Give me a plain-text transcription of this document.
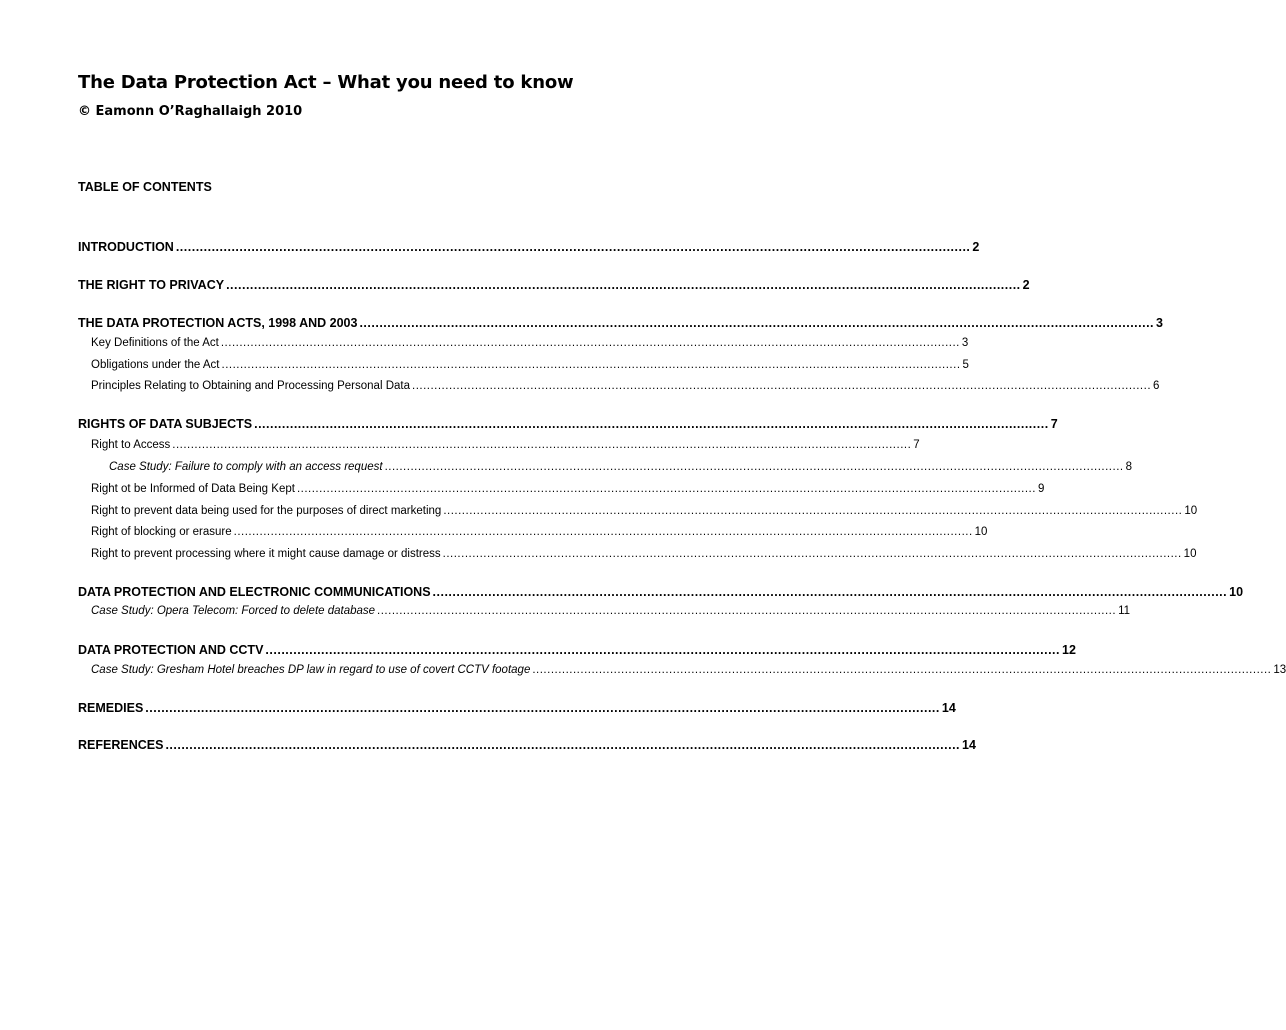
The Data Protection Act – What you need to know
© Eamonn O’Raghallaigh 2010
TABLE OF CONTENTS
INTRODUCTION ........................................................................................................................................................................................................ 2
THE RIGHT TO PRIVACY ........................................................................................................................................................................................................ 2
THE DATA PROTECTION ACTS, 1998 AND 2003 ........................................................................................................................................................................................................ 3
Key Definitions of the Act ........................................................................................................................................................................................................ 3
Obligations under the Act ........................................................................................................................................................................................................ 5
Principles Relating to Obtaining and Processing Personal Data ........................................................................................................................................................................................................ 6
RIGHTS OF DATA SUBJECTS ........................................................................................................................................................................................................ 7
Right to Access ........................................................................................................................................................................................................ 7
Case Study: Failure to comply with an access request ........................................................................................................................................................................................................ 8
Right ot be Informed of Data Being Kept ........................................................................................................................................................................................................ 9
Right to prevent data being used for the purposes of direct marketing ........................................................................................................................................................................................................ 10
Right of blocking or erasure ........................................................................................................................................................................................................ 10
Right to prevent processing where it might cause damage or distress ........................................................................................................................................................................................................ 10
DATA PROTECTION AND ELECTRONIC COMMUNICATIONS ........................................................................................................................................................................................................ 10
Case Study: Opera Telecom: Forced to delete database ........................................................................................................................................................................................................ 11
DATA PROTECTION AND CCTV ........................................................................................................................................................................................................ 12
Case Study: Gresham Hotel breaches DP law in regard to use of covert CCTV footage ........................................................................................................................................................................................................ 13
REMEDIES ........................................................................................................................................................................................................ 14
REFERENCES ........................................................................................................................................................................................................ 14
